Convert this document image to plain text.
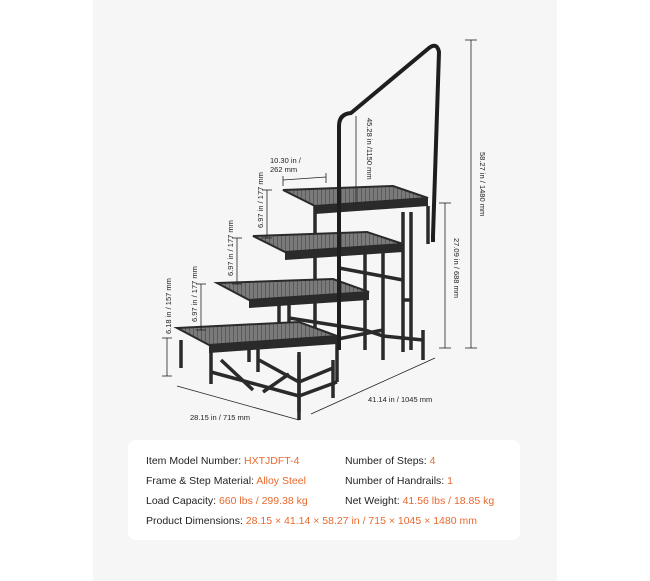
10.30 in /
262 mm
6.97 in / 177 mm
6.97 in / 177 mm
6.97 in / 177 mm
6.18 in / 157 mm
45.28 in /1150 mm
58.27 in / 1480 mm
27.09 in / 688 mm
28.15 in / 715 mm
41.14 in / 1045 mm
Item Model Number: HXTJDFT-4
Frame & Step Material: Alloy Steel
Load Capacity: 660 lbs / 299.38 kg
Product Dimensions: 28.15 × 41.14 × 58.27 in / 715 × 1045 × 1480 mm
Number of Steps: 4
Number of Handrails: 1
Net Weight: 41.56 lbs / 18.85 kg
